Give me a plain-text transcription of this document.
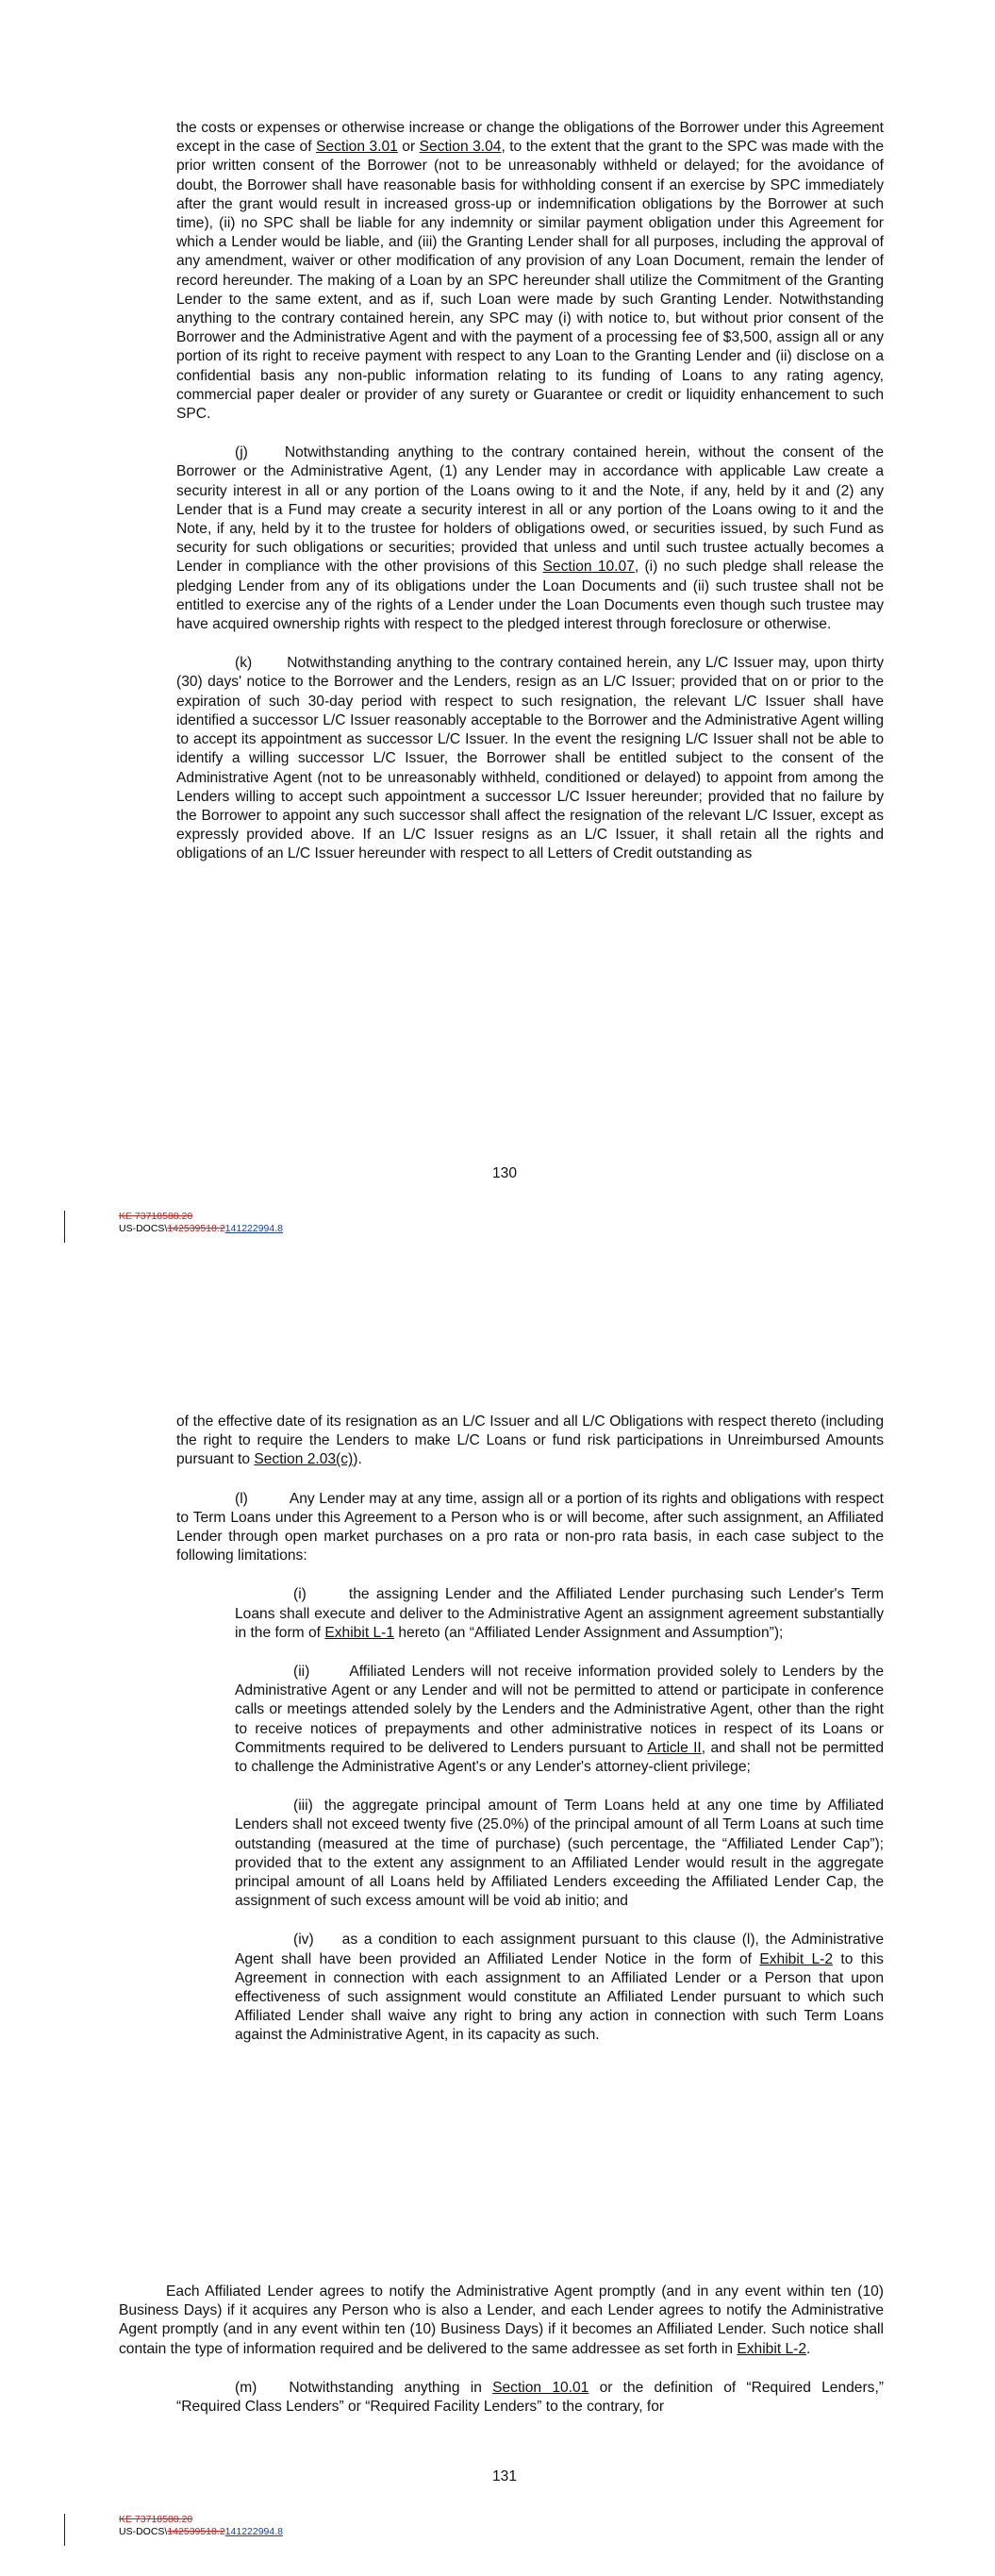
the costs or expenses or otherwise increase or change the obligations of the Borrower under this Agreement except in the case of Section 3.01 or Section 3.04, to the extent that the grant to the SPC was made with the prior written consent of the Borrower (not to be unreasonably withheld or delayed; for the avoidance of doubt, the Borrower shall have reasonable basis for withholding consent if an exercise by SPC immediately after the grant would result in increased gross-up or indemnification obligations by the Borrower at such time), (ii) no SPC shall be liable for any indemnity or similar payment obligation under this Agreement for which a Lender would be liable, and (iii) the Granting Lender shall for all purposes, including the approval of any amendment, waiver or other modification of any provision of any Loan Document, remain the lender of record hereunder. The making of a Loan by an SPC hereunder shall utilize the Commitment of the Granting Lender to the same extent, and as if, such Loan were made by such Granting Lender. Notwithstanding anything to the contrary contained herein, any SPC may (i) with notice to, but without prior consent of the Borrower and the Administrative Agent and with the payment of a processing fee of $3,500, assign all or any portion of its right to receive payment with respect to any Loan to the Granting Lender and (ii) disclose on a confidential basis any non-public information relating to its funding of Loans to any rating agency, commercial paper dealer or provider of any surety or Guarantee or credit or liquidity enhancement to such SPC.

(j)	Notwithstanding anything to the contrary contained herein, without the consent of the Borrower or the Administrative Agent, (1) any Lender may in accordance with applicable Law create a security interest in all or any portion of the Loans owing to it and the Note, if any, held by it and (2) any Lender that is a Fund may create a security interest in all or any portion of the Loans owing to it and the Note, if any, held by it to the trustee for holders of obligations owed, or securities issued, by such Fund as security for such obligations or securities; provided that unless and until such trustee actually becomes a Lender in compliance with the other provisions of this Section 10.07, (i) no such pledge shall release the pledging Lender from any of its obligations under the Loan Documents and (ii) such trustee shall not be entitled to exercise any of the rights of a Lender under the Loan Documents even though such trustee may have acquired ownership rights with respect to the pledged interest through foreclosure or otherwise.

(k) Notwithstanding anything to the contrary contained herein, any L/C Issuer may, upon thirty (30) days' notice to the Borrower and the Lenders, resign as an L/C Issuer; provided that on or prior to the expiration of such 30-day period with respect to such resignation, the relevant L/C Issuer shall have identified a successor L/C Issuer reasonably acceptable to the Borrower and the Administrative Agent willing to accept its appointment as successor L/C Issuer. In the event the resigning L/C Issuer shall not be able to identify a willing successor L/C Issuer, the Borrower shall be entitled subject to the consent of the Administrative Agent (not to be unreasonably withheld, conditioned or delayed) to appoint from among the Lenders willing to accept such appointment a successor L/C Issuer hereunder; provided that no failure by the Borrower to appoint any such successor shall affect the resignation of the relevant L/C Issuer, except as expressly provided above. If an L/C Issuer resigns as an L/C Issuer, it shall retain all the rights and obligations of an L/C Issuer hereunder with respect to all Letters of Credit outstanding as

130
KE 73718588.20
US-DOCS\142539518.2141222994.8

of the effective date of its resignation as an L/C Issuer and all L/C Obligations with respect thereto (including the right to require the Lenders to make L/C Loans or fund risk participations in Unreimbursed Amounts pursuant to Section 2.03(c)).

(l)	Any Lender may at any time, assign all or a portion of its rights and obligations with respect to Term Loans under this Agreement to a Person who is or will become, after such assignment, an Affiliated Lender through open market purchases on a pro rata or non-pro rata basis, in each case subject to the following limitations:

(i)	the assigning Lender and the Affiliated Lender purchasing such Lender's Term Loans shall execute and deliver to the Administrative Agent an assignment agreement substantially in the form of Exhibit L-1 hereto (an “Affiliated Lender Assignment and Assumption”);

(ii)	Affiliated Lenders will not receive information provided solely to Lenders by the Administrative Agent or any Lender and will not be permitted to attend or participate in conference calls or meetings attended solely by the Lenders and the Administrative Agent, other than the right to receive notices of prepayments and other administrative notices in respect of its Loans or Commitments required to be delivered to Lenders pursuant to Article II, and shall not be permitted to challenge the Administrative Agent's or any Lender's attorney-client privilege;

(iii) the aggregate principal amount of Term Loans held at any one time by Affiliated Lenders shall not exceed twenty five (25.0%) of the principal amount of all Term Loans at such time outstanding (measured at the time of purchase) (such percentage, the “Affiliated Lender Cap”); provided that to the extent any assignment to an Affiliated Lender would result in the aggregate principal amount of all Loans held by Affiliated Lenders exceeding the Affiliated Lender Cap, the assignment of such excess amount will be void ab initio; and

(iv) as a condition to each assignment pursuant to this clause (l), the Administrative Agent shall have been provided an Affiliated Lender Notice in the form of Exhibit L-2 to this Agreement in connection with each assignment to an Affiliated Lender or a Person that upon effectiveness of such assignment would constitute an Affiliated Lender pursuant to which such Affiliated Lender shall waive any right to bring any action in connection with such Term Loans against the Administrative Agent, in its capacity as such.

Each Affiliated Lender agrees to notify the Administrative Agent promptly (and in any event within ten (10) Business Days) if it acquires any Person who is also a Lender, and each Lender agrees to notify the Administrative Agent promptly (and in any event within ten (10) Business Days) if it becomes an Affiliated Lender. Such notice shall contain the type of information required and be delivered to the same addressee as set forth in Exhibit L-2.

(m) Notwithstanding anything in Section 10.01 or the definition of “Required Lenders,” “Required Class Lenders” or “Required Facility Lenders” to the contrary, for

131
KE 73718588.20
US-DOCS\142539518.2141222994.8
